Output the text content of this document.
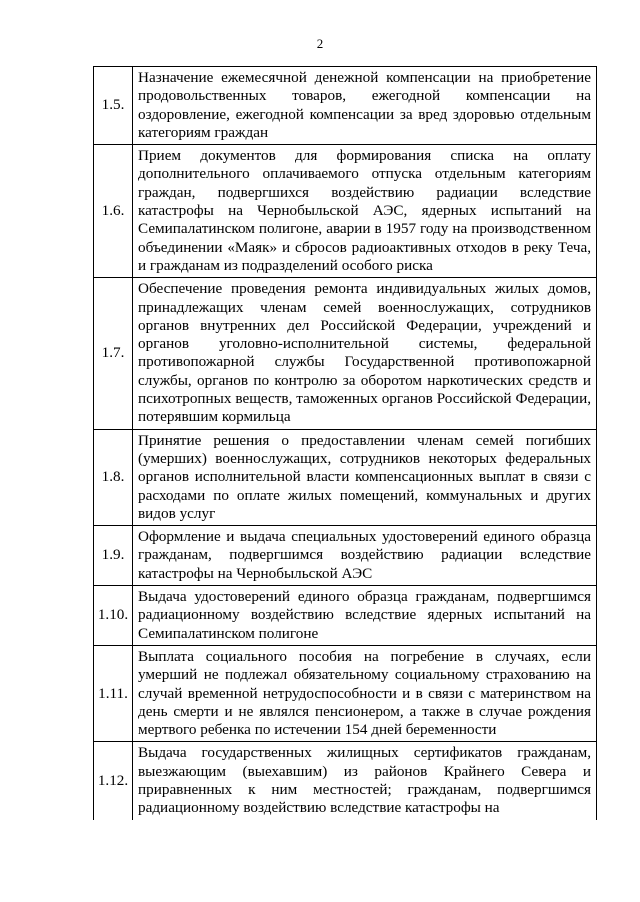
2
1.5.	Назначение ежемесячной денежной компенсации на приобретение продовольственных товаров, ежегодной компенсации на оздоровление, ежегодной компенсации за вред здоровью отдельным категориям граждан
1.6.	Прием документов для формирования списка на оплату дополнительного оплачиваемого отпуска отдельным категориям граждан, подвергшихся воздействию радиации вследствие катастрофы на Чернобыльской АЭС, ядерных испытаний на Семипалатинском полигоне, аварии в 1957 году на производственном объединении «Маяк» и сбросов радиоактивных отходов в реку Теча, и гражданам из подразделений особого риска
1.7.	Обеспечение проведения ремонта индивидуальных жилых домов, принадлежащих членам семей военнослужащих, сотрудников органов внутренних дел Российской Федерации, учреждений и органов уголовно-исполнительной системы, федеральной противопожарной службы Государственной противопожарной службы, органов по контролю за оборотом наркотических средств и психотропных веществ, таможенных органов Российской Федерации, потерявшим кормильца
1.8.	Принятие решения о предоставлении членам семей погибших (умерших) военнослужащих, сотрудников некоторых федеральных органов исполнительной власти компенсационных выплат в связи с расходами по оплате жилых помещений, коммунальных и других видов услуг
1.9.	Оформление и выдача специальных удостоверений единого образца гражданам, подвергшимся воздействию радиации вследствие катастрофы на Чернобыльской АЭС
1.10.	Выдача удостоверений единого образца гражданам, подвергшимся радиационному воздействию вследствие ядерных испытаний на Семипалатинском полигоне
1.11.	Выплата социального пособия на погребение в случаях, если умерший не подлежал обязательному социальному страхованию на случай временной нетрудоспособности и в связи с материнством на день смерти и не являлся пенсионером, а также в случае рождения мертвого ребенка по истечении 154 дней беременности
1.12.	Выдача государственных жилищных сертификатов гражданам, выезжающим (выехавшим) из районов Крайнего Севера и приравненных к ним местностей; гражданам, подвергшимся радиационному воздействию вследствие катастрофы на
